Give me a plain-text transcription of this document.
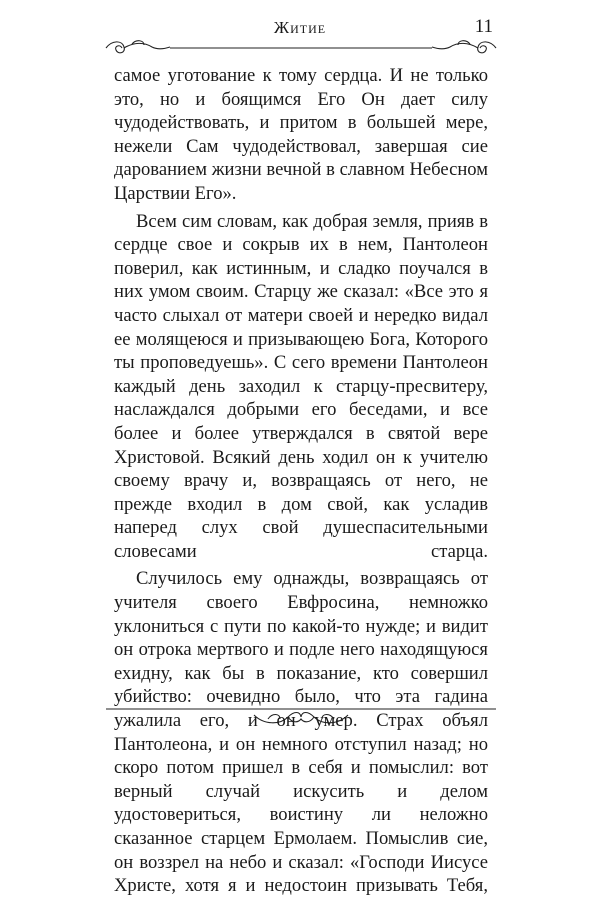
Житие	11

самое уготование к тому сердца. И не только это, но и боящимся Его Он дает силу чудодействовать, и притом в большей мере, нежели Сам чудодействовал, завершая сие дарованием жизни вечной в славном Небесном Царствии Его».

Всем сим словам, как добрая земля, прияв в сердце свое и сокрыв их в нем, Пантолеон поверил, как истинным, и сладко поучался в них умом своим. Старцу же сказал: «Все это я часто слыхал от матери своей и нередко видал ее молящеюся и призывающею Бога, Которого ты проповедуешь». С сего времени Пантолеон каждый день заходил к старцу-пресвитеру, наслаждался добрыми его беседами, и все более и более утверждался в святой вере Христовой. Всякий день ходил он к учителю своему врачу и, возвращаясь от него, не прежде входил в дом свой, как усладив наперед слух свой душеспасительными словесами старца.

Случилось ему однажды, возвращаясь от учителя своего Евфросина, немножко уклониться с пути по какой-то нужде; и видит он отрока мертвого и подле него находящуюся ехидну, как бы в показание, кто совершил убийство: очевидно было, что эта гадина ужалила его, и он умер. Страх объял Пантолеона, и он немного отступил назад; но скоро потом пришел в себя и помыслил: вот верный случай искусить и делом удостовериться, воистину ли неложно сказанное старцем Ермолаем. Помыслив сие, он воззрел на небо и сказал: «Господи Иисусе Христе, хотя я и недостоин призывать Тебя,
